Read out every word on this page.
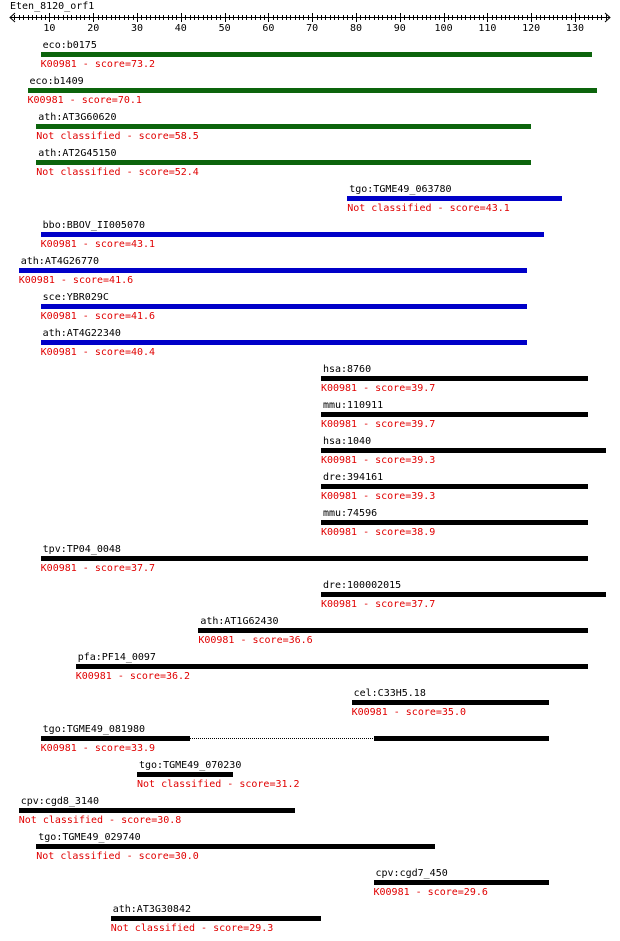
Eten_8120_orf1
10	20	30	40	50	60	70	80	90	100	110	120	130
eco:b0175
K00981 - score=73.2
eco:b1409
K00981 - score=70.1
ath:AT3G60620
Not classified - score=58.5
ath:AT2G45150
Not classified - score=52.4
tgo:TGME49_063780
Not classified - score=43.1
bbo:BBOV_II005070
K00981 - score=43.1
ath:AT4G26770
K00981 - score=41.6
sce:YBR029C
K00981 - score=41.6
ath:AT4G22340
K00981 - score=40.4
hsa:8760
K00981 - score=39.7
mmu:110911
K00981 - score=39.7
hsa:1040
K00981 - score=39.3
dre:394161
K00981 - score=39.3
mmu:74596
K00981 - score=38.9
tpv:TP04_0048
K00981 - score=37.7
dre:100002015
K00981 - score=37.7
ath:AT1G62430
K00981 - score=36.6
pfa:PF14_0097
K00981 - score=36.2
cel:C33H5.18
K00981 - score=35.0
tgo:TGME49_081980
K00981 - score=33.9
tgo:TGME49_070230
Not classified - score=31.2
cpv:cgd8_3140
Not classified - score=30.8
tgo:TGME49_029740
Not classified - score=30.0
cpv:cgd7_450
K00981 - score=29.6
ath:AT3G30842
Not classified - score=29.3
